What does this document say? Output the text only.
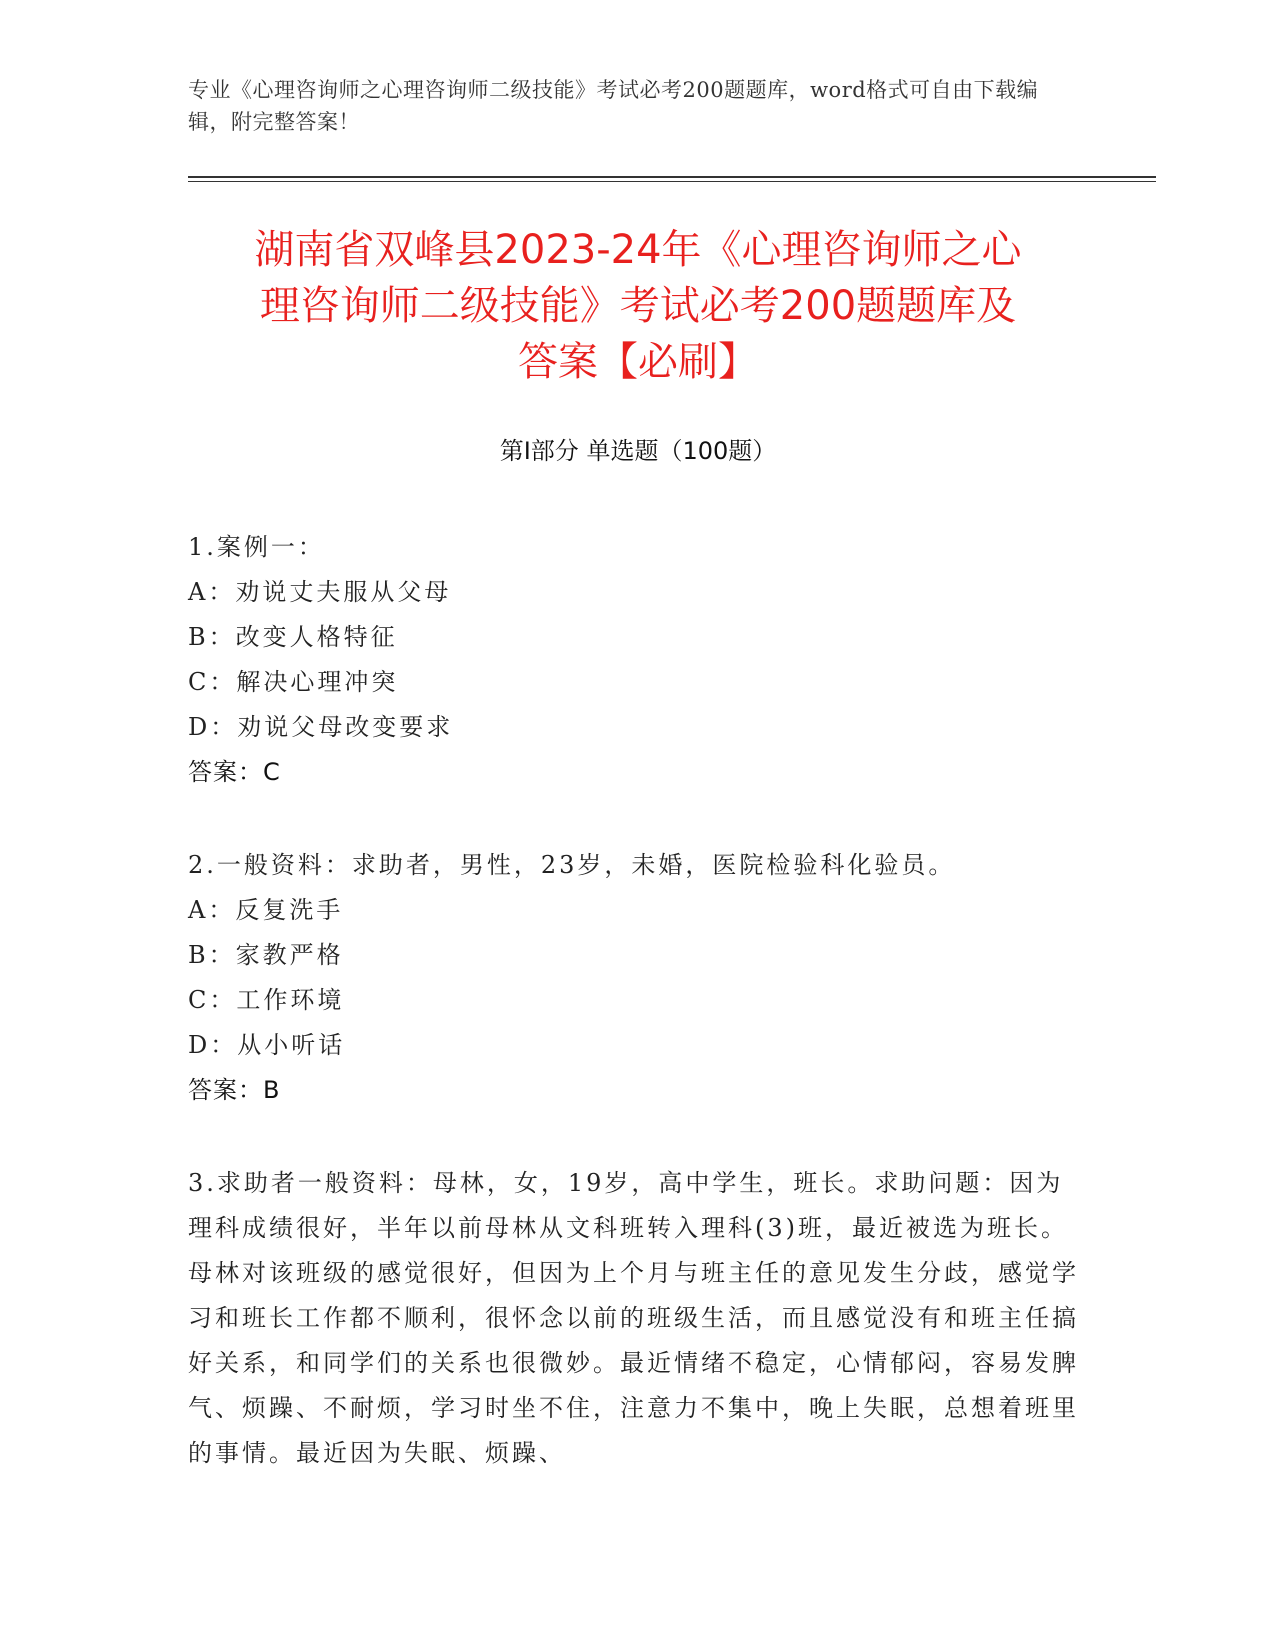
专业《心理咨询师之心理咨询师二级技能》考试必考200题题库，word格式可自由下载编辑，附完整答案！
湖南省双峰县2023-24年《心理咨询师之心
理咨询师二级技能》考试必考200题题库及
答案【必刷】
第I部分 单选题（100题）
1.案例一：
A：劝说丈夫服从父母
B：改变人格特征
C：解决心理冲突
D：劝说父母改变要求
答案：C
2.一般资料：求助者，男性，23岁，未婚，医院检验科化验员。
A：反复洗手
B：家教严格
C：工作环境
D：从小听话
答案：B
3.求助者一般资料：母林，女，19岁，高中学生，班长。求助问题：因为理科成绩很好，半年以前母林从文科班转入理科(3)班，最近被选为班长。母林对该班级的感觉很好，但因为上个月与班主任的意见发生分歧，感觉学习和班长工作都不顺利，很怀念以前的班级生活，而且感觉没有和班主任搞好关系，和同学们的关系也很微妙。最近情绪不稳定，心情郁闷，容易发脾气、烦躁、不耐烦，学习时坐不住，注意力不集中，晚上失眠，总想着班里的事情。最近因为失眠、烦躁、
